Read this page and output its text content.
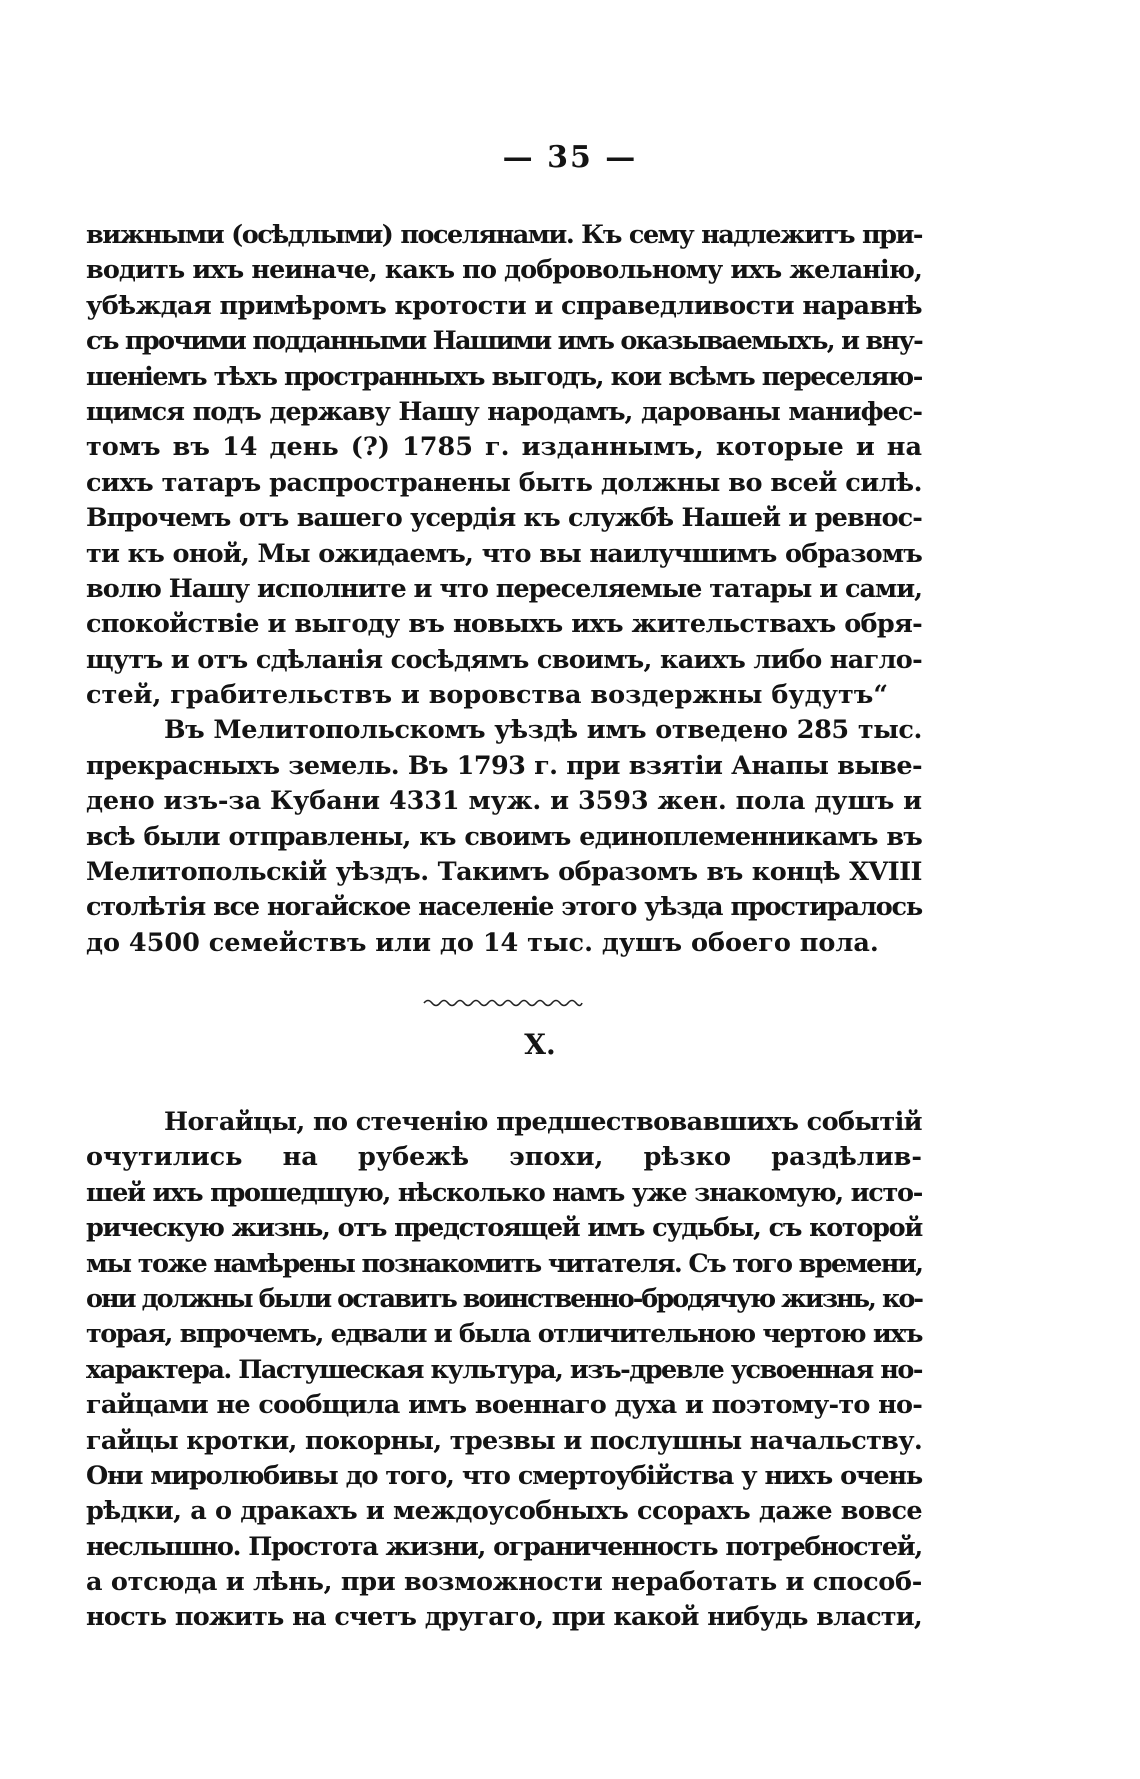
— 35 —
вижными (осѣдлыми) поселянами. Къ сему надлежитъ при-
водить ихъ неиначе, какъ по добровольному ихъ желанію,
убѣждая примѣромъ кротости и справедливости наравнѣ
съ прочими подданными Нашими имъ оказываемыхъ, и вну-
шеніемъ тѣхъ пространныхъ выгодъ, кои всѣмъ переселяю-
щимся подъ державу Нашу народамъ, дарованы манифес-
томъ въ 14 день (?) 1785 г. изданнымъ, которые и на
сихъ татаръ распространены быть должны во всей силѣ.
Впрочемъ отъ вашего усердія къ службѣ Нашей и ревнос-
ти къ оной, Мы ожидаемъ, что вы наилучшимъ образомъ
волю Нашу исполните и что переселяемые татары и сами,
спокойствіе и выгоду въ новыхъ ихъ жительствахъ обря-
щутъ и отъ сдѣланія сосѣдямъ своимъ, каихъ либо нагло-
стей, грабительствъ и воровства воздержны будутъ“
Въ Мелитопольскомъ уѣздѣ имъ отведено 285 тыс.
прекрасныхъ земель. Въ 1793 г. при взятіи Анапы выве-
дено изъ-за Кубани 4331 муж. и 3593 жен. пола душъ и
всѣ были отправлены, къ своимъ единоплеменникамъ въ
Мелитопольскій уѣздъ. Такимъ образомъ въ концѣ XVIII
столѣтія все ногайское населеніе этого уѣзда простиралось
до 4500 семействъ или до 14 тыс. душъ обоего пола.
X.
Ногайцы, по стеченію предшествовавшихъ событій
очутились на рубежѣ эпохи, рѣзко раздѣлив-
шей ихъ прошедшую, нѣсколько намъ уже знакомую, исто-
рическую жизнь, отъ предстоящей имъ судьбы, съ которой
мы тоже намѣрены познакомить читателя. Съ того времени,
они должны были оставить воинственно-бродячую жизнь, ко-
торая, впрочемъ, едвали и была отличительною чертою ихъ
характера. Пастушеская культура, изъ-древле усвоенная но-
гайцами не сообщила имъ военнаго духа и поэтому-то но-
гайцы кротки, покорны, трезвы и послушны начальству.
Они миролюбивы до того, что смертоубійства у нихъ очень
рѣдки, а о дракахъ и междоусобныхъ ссорахъ даже вовсе
неслышно. Простота жизни, ограниченность потребностей,
а отсюда и лѣнь, при возможности неработать и способ-
ность пожить на счетъ другаго, при какой нибудь власти,
